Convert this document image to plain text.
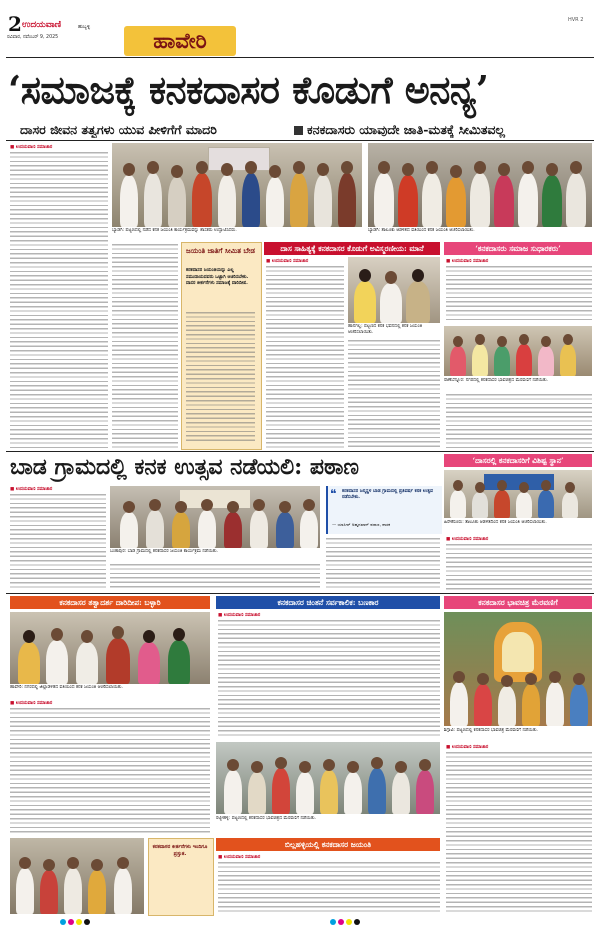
2 ಉದಯವಾಣಿ	ಹುಬ್ಬಳ್ಳಿ
ರವಿವಾರ, ನವೆಂಬರ್ 9, 2025	ಹಾವೇರಿ
HVR 2
‘ಸಮಾಜಕ್ಕೆ ಕನಕದಾಸರ ಕೊಡುಗೆ ಅನನ್ಯ’
ದಾಸರ ಜೀವನ ತತ್ವಗಳು ಯುವ ಪೀಳಿಗೆಗೆ ಮಾದರಿ	ಕನಕದಾಸರು ಯಾವುದೇ ಜಾತಿ-ಮತಕ್ಕೆ ಸೀಮಿತವಲ್ಲ
■ ಉದಯವಾಣಿ ಸಮಾಚಾರ
ಬ್ಯಾಡಗಿ: ಪಟ್ಟಣದಲ್ಲಿ ನಡೆದ ಕನಕ ಜಯಂತಿ ಕಾರ್ಯಕ್ರಮವನ್ನು ಶಾಸಕರು ಉದ್ಘಾಟಿಸಿದರು.	ಬ್ಯಾಡಗಿ: ತಾಲೂಕು ಆಡಳಿತದ ವತಿಯಿಂದ ಕನಕ ಜಯಂತಿ ಆಚರಿಸಲಾಯಿತು.
ಜಯಂತಿ ಜಾತಿಗೆ ಸೀಮಿತ ಬೇಡ
ಕನಕದಾಸರ ಜಯಂತಿಯನ್ನು ಎಲ್ಲ ಸಮುದಾಯದವರು ಒಟ್ಟಾಗಿ ಆಚರಿಸಬೇಕು. ದಾಸರ ಕೀರ್ತನೆಗಳು ಸಮಾಜಕ್ಕೆ ದಾರಿದೀಪ.
ದಾಸ ಸಾಹಿತ್ಯಕ್ಕೆ ಕನಕದಾಸರ ಕೊಡುಗೆ ಅವಿಸ್ಮರಣೀಯ: ಮಾನೆ
■ ಉದಯವಾಣಿ ಸಮಾಚಾರ
ಹಾನಗಲ್ಲ: ಪಟ್ಟಣದ ಕನಕ ಭವನದಲ್ಲಿ ಕನಕ ಜಯಂತಿ ಆಚರಿಸಲಾಯಿತು.
‘ಕನಕದಾಸರು ಸಮಾಜ ಸುಧಾರಕರು’
■ ಉದಯವಾಣಿ ಸಮಾಚಾರ
ರಾಣೆಬೆನ್ನೂರ: ನಗರದಲ್ಲಿ ಕನಕದಾಸರ ಭಾವಚಿತ್ರದ ಮೆರವಣಿಗೆ ನಡೆಯಿತು.
ಬಾಡ ಗ್ರಾಮದಲ್ಲಿ ಕನಕ ಉತ್ಸವ ನಡೆಯಲಿ: ಪಠಾಣ
■ ಉದಯವಾಣಿ ಸಮಾಚಾರ
ಬಂಕಾಪುರ: ಬಾಡ ಗ್ರಾಮದಲ್ಲಿ ಕನಕದಾಸರ ಜಯಂತಿ ಕಾರ್ಯಕ್ರಮ ನಡೆಯಿತು.
❝ ಕನಕದಾಸರ ಜನ್ಮಸ್ಥಳ ಬಾಡ ಗ್ರಾಮದಲ್ಲಿ ಪ್ರತಿವರ್ಷ ಕನಕ ಉತ್ಸವ ನಡೆಸಬೇಕು.
— ಯಾಸೀರ್ ಅಹ್ಮದಖಾನ್ ಪಠಾಣ, ಶಾಸಕ
‘ದಾಸರಲ್ಲಿ ಕನಕದಾಸರಿಗೆ ವಿಶಿಷ್ಟ ಸ್ಥಾನ’
ಹಿರೇಕೆರೂರು: ತಾಲೂಕು ಆಡಳಿತದಿಂದ ಕನಕ ಜಯಂತಿ ಆಚರಿಸಲಾಯಿತು.
■ ಉದಯವಾಣಿ ಸಮಾಚಾರ
ಕನಕದಾಸರ ತತ್ವಾದರ್ಶ ದಾರಿದೀಪ: ಬಳ್ಳಾರಿ
ಹಾವೇರಿ: ನಗರದಲ್ಲಿ ಜಿಲ್ಲಾಡಳಿತದ ವತಿಯಿಂದ ಕನಕ ಜಯಂತಿ ಆಚರಿಸಲಾಯಿತು.
■ ಉದಯವಾಣಿ ಸಮಾಚಾರ
ಕನಕದಾಸರ ಚಿಂತನೆ ಸರ್ವಕಾಲಿಕ: ಬಣಕಾರ
■ ಉದಯವಾಣಿ ಸಮಾಚಾರ
ರಟ್ಟೀಹಳ್ಳಿ: ಪಟ್ಟಣದಲ್ಲಿ ಕನಕದಾಸರ ಭಾವಚಿತ್ರದ ಮೆರವಣಿಗೆ ನಡೆಯಿತು.
ಕನಕದಾಸರ ಭಾವಚಿತ್ರ ಮೆರವಣಿಗೆ
ಶಿಗ್ಗಾವಿ: ಪಟ್ಟಣದಲ್ಲಿ ಕನಕದಾಸರ ಭಾವಚಿತ್ರ ಮೆರವಣಿಗೆ ನಡೆಯಿತು.
■ ಉದಯವಾಣಿ ಸಮಾಚಾರ
ಕನಕದಾಸರ ಕೀರ್ತನೆಗಳು ಇಂದಿಗೂ ಪ್ರಸ್ತುತ.
ಬಿಲ್ಲಹಳ್ಳಿಯಲ್ಲಿ ಕನಕದಾಸರ ಜಯಂತಿ
■ ಉದಯವಾಣಿ ಸಮಾಚಾರ
